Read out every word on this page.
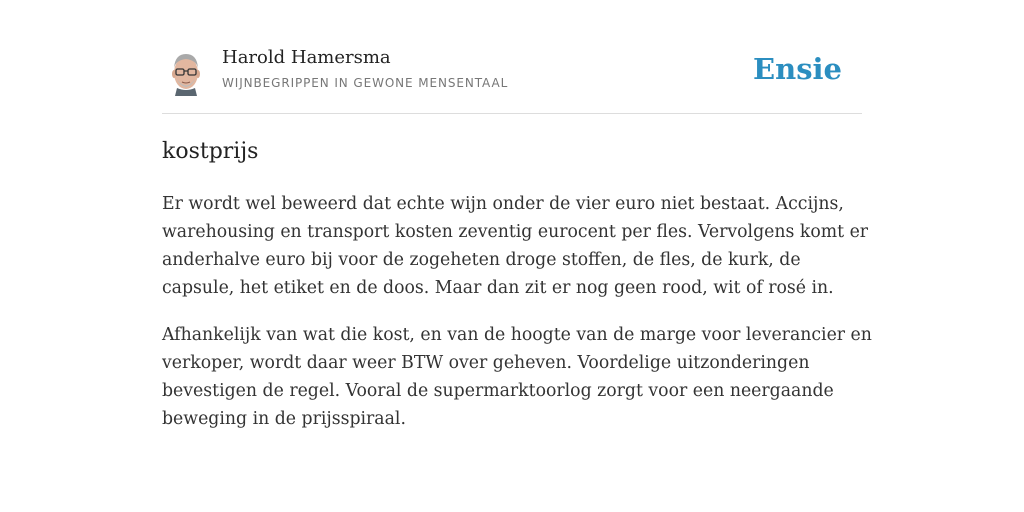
Harold Hamersma
WIJNBEGRIPPEN IN GEWONE MENSENTAAL	Ensie
kostprijs

Er wordt wel beweerd dat echte wijn onder de vier euro niet bestaat. Accijns, warehousing en transport kosten zeventig eurocent per fles. Vervolgens komt er anderhalve euro bij voor de zogeheten droge stoffen, de fles, de kurk, de capsule, het etiket en de doos. Maar dan zit er nog geen rood, wit of rosé in.

Afhankelijk van wat die kost, en van de hoogte van de marge voor leverancier en verkoper, wordt daar weer BTW over geheven. Voordelige uitzonderingen bevestigen de regel. Vooral de supermarktoorlog zorgt voor een neergaande beweging in de prijsspiraal.
